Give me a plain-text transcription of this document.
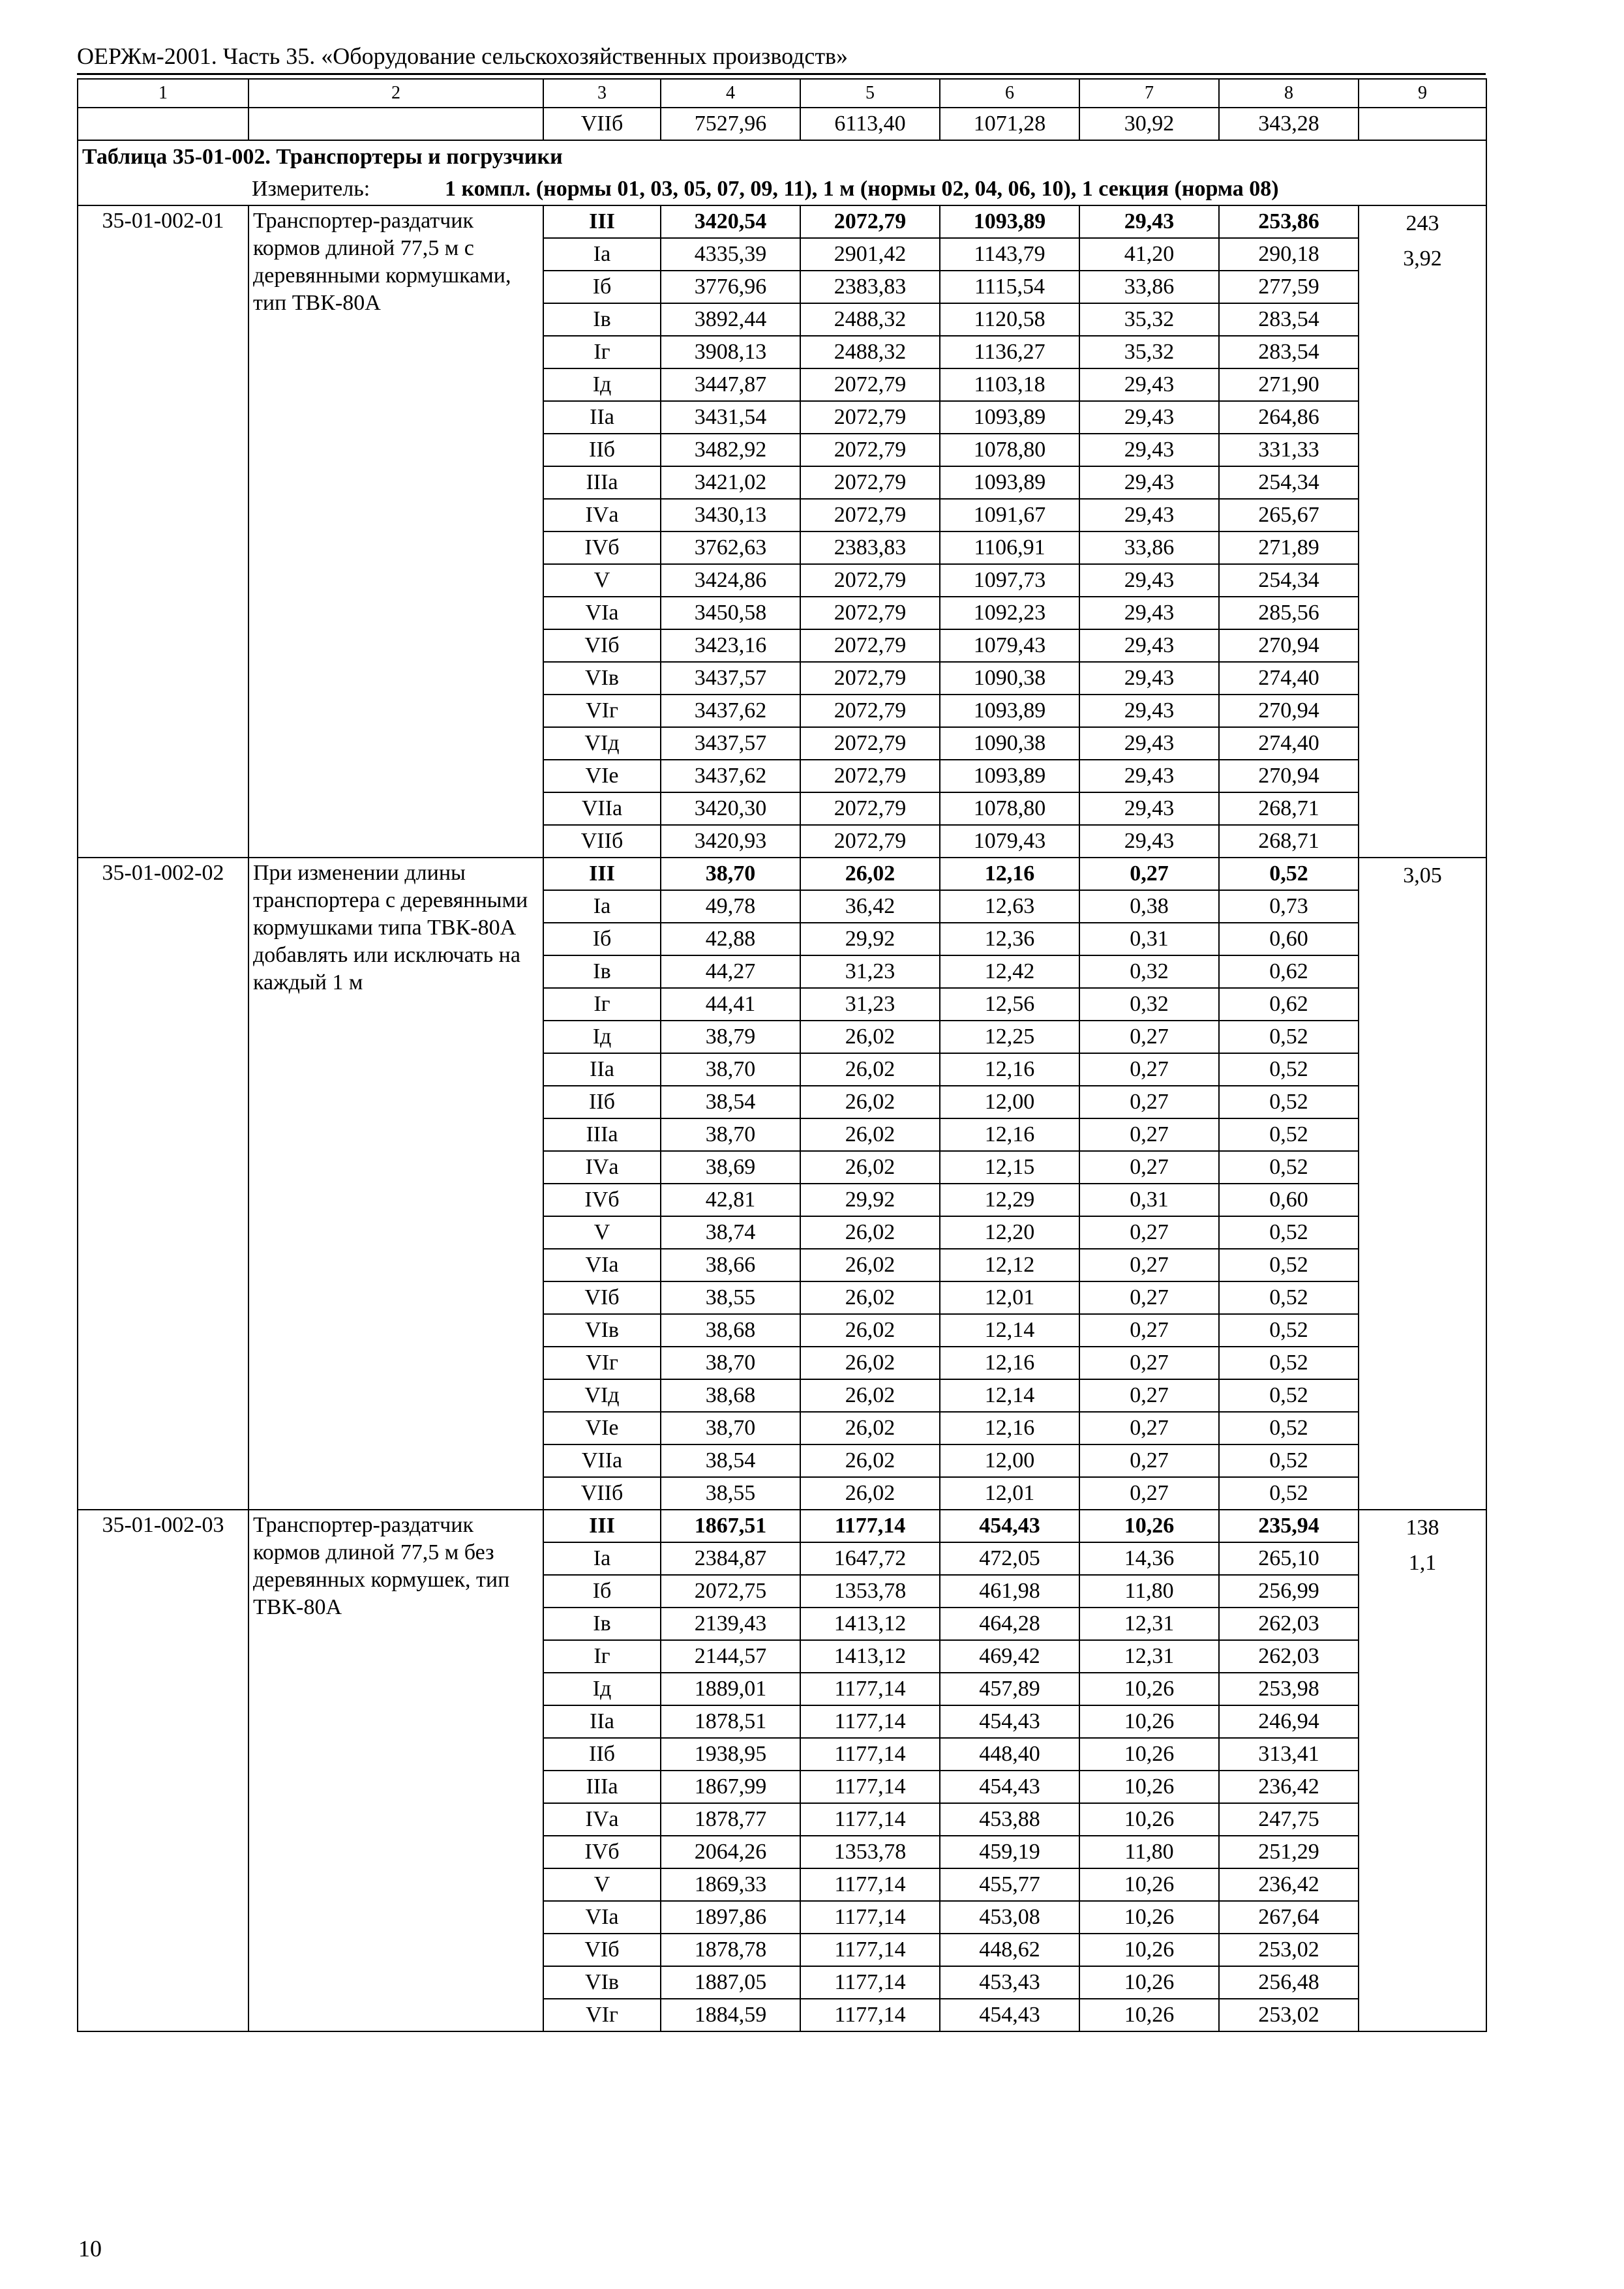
ОЕРЖм-2001. Часть 35. «Оборудование сельскохозяйственных производств»
1	2	3	4	5	6	7	8	9
		VIIб	7527,96	6113,40	1071,28	30,92	343,28	
Таблица 35-01-002. Транспортеры и погрузчики								
Измеритель: 1 компл. (нормы 01, 03, 05, 07, 09, 11), 1 м (нормы 02, 04, 06, 10), 1 секция (норма 08)								
35-01-002-01	Транспортер-раздатчик кормов длиной 77,5 м с деревянными кормушками, тип ТВК-80А	III	3420,54	2072,79	1093,89	29,43	253,86	243
3,92

		Iа	4335,39	2901,42	1143,79	41,20	290,18	
		Iб	3776,96	2383,83	1115,54	33,86	277,59	
		Iв	3892,44	2488,32	1120,58	35,32	283,54	
		Iг	3908,13	2488,32	1136,27	35,32	283,54	
		Iд	3447,87	2072,79	1103,18	29,43	271,90	
		IIа	3431,54	2072,79	1093,89	29,43	264,86	
		IIб	3482,92	2072,79	1078,80	29,43	331,33	
		IIIа	3421,02	2072,79	1093,89	29,43	254,34	
		IVа	3430,13	2072,79	1091,67	29,43	265,67	
		IVб	3762,63	2383,83	1106,91	33,86	271,89	
		V	3424,86	2072,79	1097,73	29,43	254,34	
		VIа	3450,58	2072,79	1092,23	29,43	285,56	
		VIб	3423,16	2072,79	1079,43	29,43	270,94	
		VIв	3437,57	2072,79	1090,38	29,43	274,40	
		VIг	3437,62	2072,79	1093,89	29,43	270,94	
		VIд	3437,57	2072,79	1090,38	29,43	274,40	
		VIе	3437,62	2072,79	1093,89	29,43	270,94	
		VIIа	3420,30	2072,79	1078,80	29,43	268,71	
		VIIб	3420,93	2072,79	1079,43	29,43	268,71	
35-01-002-02	При изменении длины транспортера с деревянными кормушками типа ТВК-80А добавлять или исключать на каждый 1 м	III	38,70	26,02	12,16	0,27	0,52	3,05

		Iа	49,78	36,42	12,63	0,38	0,73	
		Iб	42,88	29,92	12,36	0,31	0,60	
		Iв	44,27	31,23	12,42	0,32	0,62	
		Iг	44,41	31,23	12,56	0,32	0,62	
		Iд	38,79	26,02	12,25	0,27	0,52	
		IIа	38,70	26,02	12,16	0,27	0,52	
		IIб	38,54	26,02	12,00	0,27	0,52	
		IIIа	38,70	26,02	12,16	0,27	0,52	
		IVа	38,69	26,02	12,15	0,27	0,52	
		IVб	42,81	29,92	12,29	0,31	0,60	
		V	38,74	26,02	12,20	0,27	0,52	
		VIа	38,66	26,02	12,12	0,27	0,52	
		VIб	38,55	26,02	12,01	0,27	0,52	
		VIв	38,68	26,02	12,14	0,27	0,52	
		VIг	38,70	26,02	12,16	0,27	0,52	
		VIд	38,68	26,02	12,14	0,27	0,52	
		VIе	38,70	26,02	12,16	0,27	0,52	
		VIIа	38,54	26,02	12,00	0,27	0,52	
		VIIб	38,55	26,02	12,01	0,27	0,52	
35-01-002-03	Транспортер-раздатчик кормов длиной 77,5 м без деревянных кормушек, тип ТВК-80А	III	1867,51	1177,14	454,43	10,26	235,94	138
1,1

		Iа	2384,87	1647,72	472,05	14,36	265,10	
		Iб	2072,75	1353,78	461,98	11,80	256,99	
		Iв	2139,43	1413,12	464,28	12,31	262,03	
		Iг	2144,57	1413,12	469,42	12,31	262,03	
		Iд	1889,01	1177,14	457,89	10,26	253,98	
		IIа	1878,51	1177,14	454,43	10,26	246,94	
		IIб	1938,95	1177,14	448,40	10,26	313,41	
		IIIа	1867,99	1177,14	454,43	10,26	236,42	
		IVа	1878,77	1177,14	453,88	10,26	247,75	
		IVб	2064,26	1353,78	459,19	11,80	251,29	
		V	1869,33	1177,14	455,77	10,26	236,42	
		VIа	1897,86	1177,14	453,08	10,26	267,64	
		VIб	1878,78	1177,14	448,62	10,26	253,02	
		VIв	1887,05	1177,14	453,43	10,26	256,48	
		VIг	1884,59	1177,14	454,43	10,26	253,02	
10
